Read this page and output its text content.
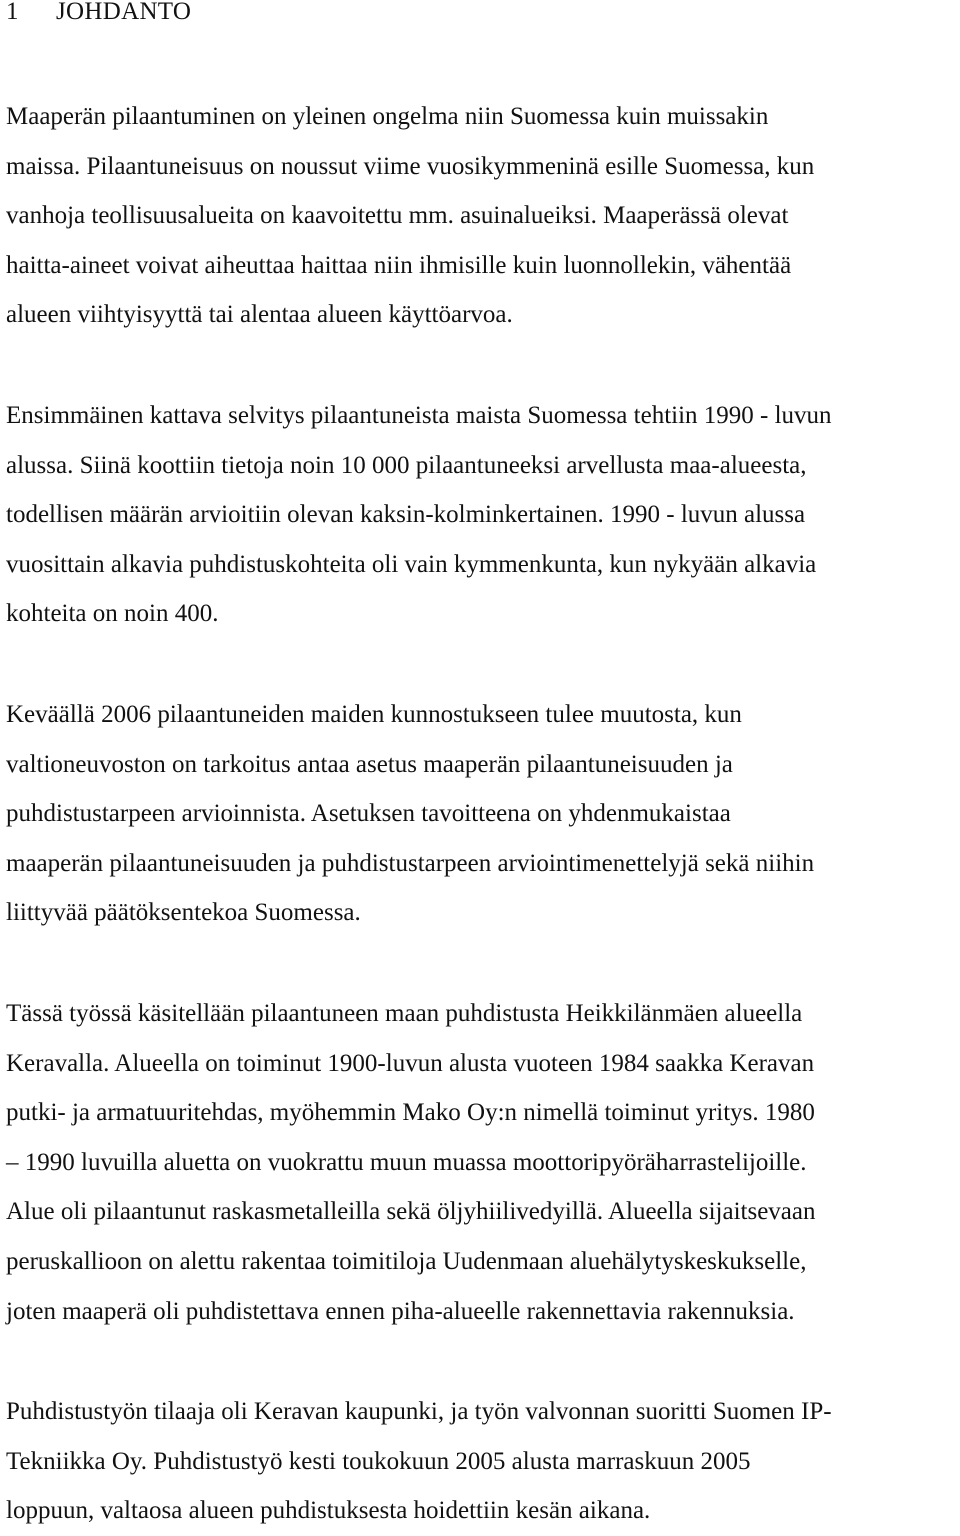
1 JOHDANTO
Maaperän pilaantuminen on yleinen ongelma niin Suomessa kuin muissakin
maissa. Pilaantuneisuus on noussut viime vuosikymmeninä esille Suomessa, kun
vanhoja teollisuusalueita on kaavoitettu mm. asuinalueiksi. Maaperässä olevat
haitta-aineet voivat aiheuttaa haittaa niin ihmisille kuin luonnollekin, vähentää
alueen viihtyisyyttä tai alentaa alueen käyttöarvoa.
Ensimmäinen kattava selvitys pilaantuneista maista Suomessa tehtiin 1990 - luvun
alussa. Siinä koottiin tietoja noin 10 000 pilaantuneeksi arvellusta maa-alueesta,
todellisen määrän arvioitiin olevan kaksin-kolminkertainen. 1990 - luvun alussa
vuosittain alkavia puhdistuskohteita oli vain kymmenkunta, kun nykyään alkavia
kohteita on noin 400.
Keväällä 2006 pilaantuneiden maiden kunnostukseen tulee muutosta, kun
valtioneuvoston on tarkoitus antaa asetus maaperän pilaantuneisuuden ja
puhdistustarpeen arvioinnista. Asetuksen tavoitteena on yhdenmukaistaa
maaperän pilaantuneisuuden ja puhdistustarpeen arviointimenettelyjä sekä niihin
liittyvää päätöksentekoa Suomessa.
Tässä työssä käsitellään pilaantuneen maan puhdistusta Heikkilänmäen alueella
Keravalla. Alueella on toiminut 1900-luvun alusta vuoteen 1984 saakka Keravan
putki- ja armatuuritehdas, myöhemmin Mako Oy:n nimellä toiminut yritys. 1980
– 1990 luvuilla aluetta on vuokrattu muun muassa moottoripyöräharrastelijoille.
Alue oli pilaantunut raskasmetalleilla sekä öljyhiilivedyillä. Alueella sijaitsevaan
peruskallioon on alettu rakentaa toimitiloja Uudenmaan aluehälytyskeskukselle,
joten maaperä oli puhdistettava ennen piha-alueelle rakennettavia rakennuksia.
Puhdistustyön tilaaja oli Keravan kaupunki, ja työn valvonnan suoritti Suomen IP-
Tekniikka Oy. Puhdistustyö kesti toukokuun 2005 alusta marraskuun 2005
loppuun, valtaosa alueen puhdistuksesta hoidettiin kesän aikana.
